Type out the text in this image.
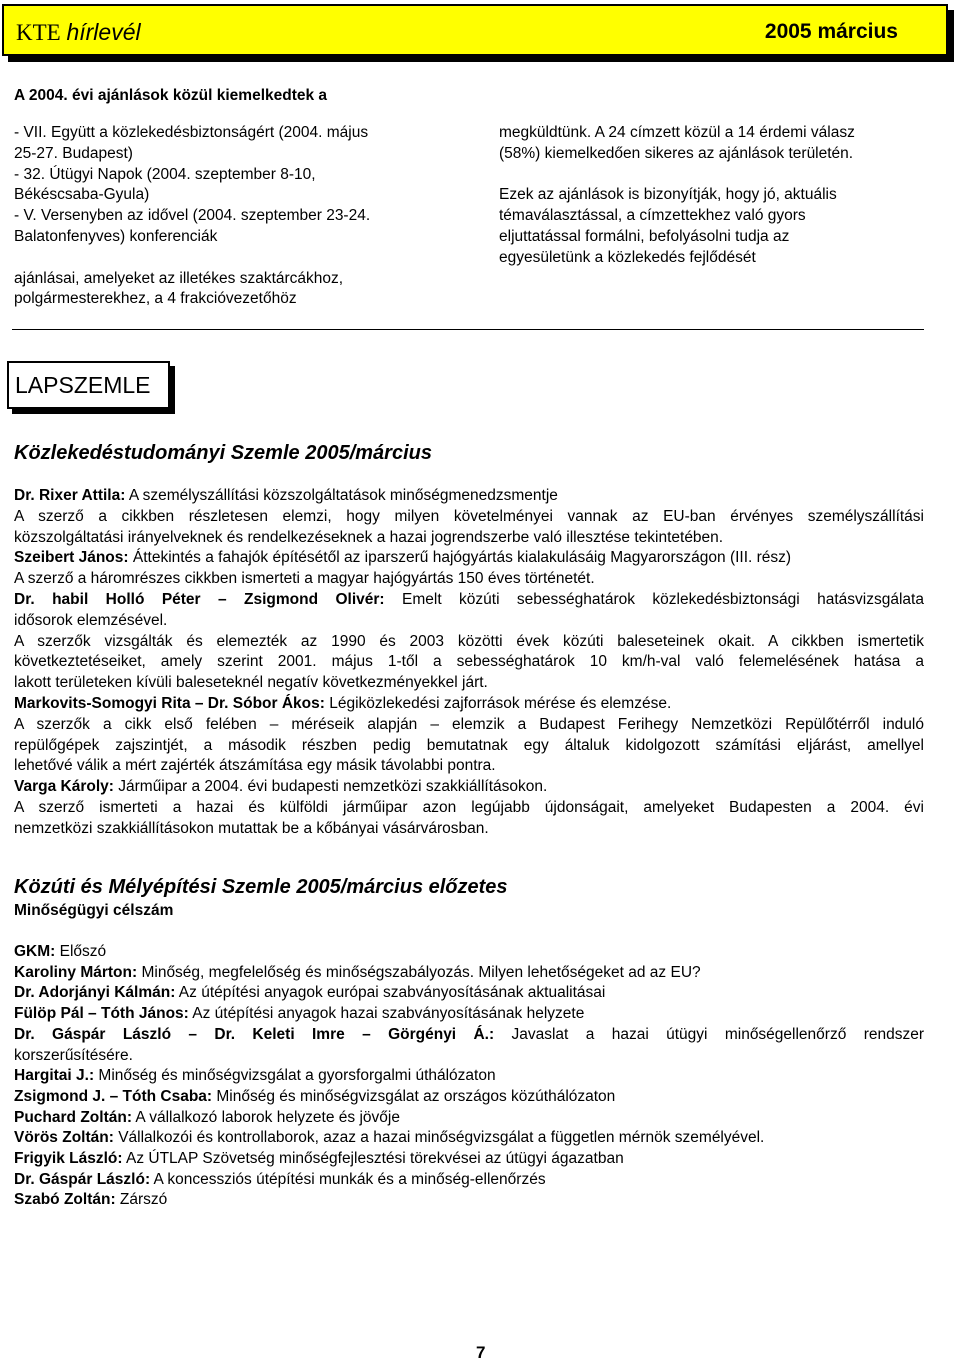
KTE hírlevél	2005 március
A 2004. évi ajánlások közül kiemelkedtek a
- VII. Együtt a közlekedésbiztonságért (2004. május
25-27. Budapest)
- 32. Útügyi Napok (2004. szeptember 8-10,
Békéscsaba-Gyula)
- V. Versenyben az idővel (2004. szeptember 23-24.
Balatonfenyves) konferenciák
ajánlásai, amelyeket az illetékes szaktárcákhoz,
polgármesterekhez, a 4 frakcióvezetőhöz
megküldtünk. A 24 címzett közül a 14 érdemi válasz
(58%) kiemelkedően sikeres az ajánlások területén.
Ezek az ajánlások is bizonyítják, hogy jó, aktuális
témaválasztással, a címzettekhez való gyors
eljuttatással formálni, befolyásolni tudja az
egyesületünk a közlekedés fejlődését
LAPSZEMLE
Közlekedéstudományi Szemle 2005/március
Dr. Rixer Attila: A személyszállítási közszolgáltatások minőségmenedzsmentje
A szerző a cikkben részletesen elemzi, hogy milyen követelményei vannak az EU-ban érvényes személyszállítási
közszolgáltatási irányelveknek és rendelkezéseknek a hazai jogrendszerbe való illesztése tekintetében.
Szeibert János: Áttekintés a fahajók építésétől az iparszerű hajógyártás kialakulásáig Magyarországon (III. rész)
A szerző a háromrészes cikkben ismerteti a magyar hajógyártás 150 éves történetét.
Dr. habil Holló Péter – Zsigmond Olivér: Emelt közúti sebességhatárok közlekedésbiztonsági hatásvizsgálata
idősorok elemzésével.
A szerzők vizsgálták és elemezték az 1990 és 2003 közötti évek közúti baleseteinek okait. A cikkben ismertetik
következtetéseiket, amely szerint 2001. május 1-től a sebességhatárok 10 km/h-val való felemelésének hatása a
lakott területeken kívüli baleseteknél negatív következményekkel járt.
Markovits-Somogyi Rita – Dr. Sóbor Ákos: Légiközlekedési zajforrások mérése és elemzése.
A szerzők a cikk első felében – méréseik alapján – elemzik a Budapest Ferihegy Nemzetközi Repülőtérről induló
repülőgépek zajszintjét, a második részben pedig bemutatnak egy általuk kidolgozott számítási eljárást, amellyel
lehetővé válik a mért zajérték átszámítása egy másik távolabbi pontra.
Varga Károly: Járműipar a 2004. évi budapesti nemzetközi szakkiállításokon.
A szerző ismerteti a hazai és külföldi járműipar azon legújabb újdonságait, amelyeket Budapesten a 2004. évi
nemzetközi szakkiállításokon mutattak be a kőbányai vásárvárosban.
Közúti és Mélyépítési Szemle 2005/március előzetes
Minőségügyi célszám
GKM: Előszó
Karoliny Márton: Minőség, megfelelőség és minőségszabályozás. Milyen lehetőségeket ad az EU?
Dr. Adorjányi Kálmán: Az útépítési anyagok európai szabványosításának aktualitásai
Fülöp Pál – Tóth János: Az útépítési anyagok hazai szabványosításának helyzete
Dr. Gáspár László – Dr. Keleti Imre – Görgényi Á.: Javaslat a hazai útügyi minőségellenőrző rendszer
korszerűsítésére.
Hargitai J.: Minőség és minőségvizsgálat a gyorsforgalmi úthálózaton
Zsigmond J. – Tóth Csaba: Minőség és minőségvizsgálat az országos közúthálózaton
Puchard Zoltán: A vállalkozó laborok helyzete és jövője
Vörös Zoltán: Vállalkozói és kontrollaborok, azaz a hazai minőségvizsgálat a független mérnök személyével.
Frigyik László: Az ÚTLAP Szövetség minőségfejlesztési törekvései az útügyi ágazatban
Dr. Gáspár László: A koncessziós útépítési munkák és a minőség-ellenőrzés
Szabó Zoltán: Zárszó
7
